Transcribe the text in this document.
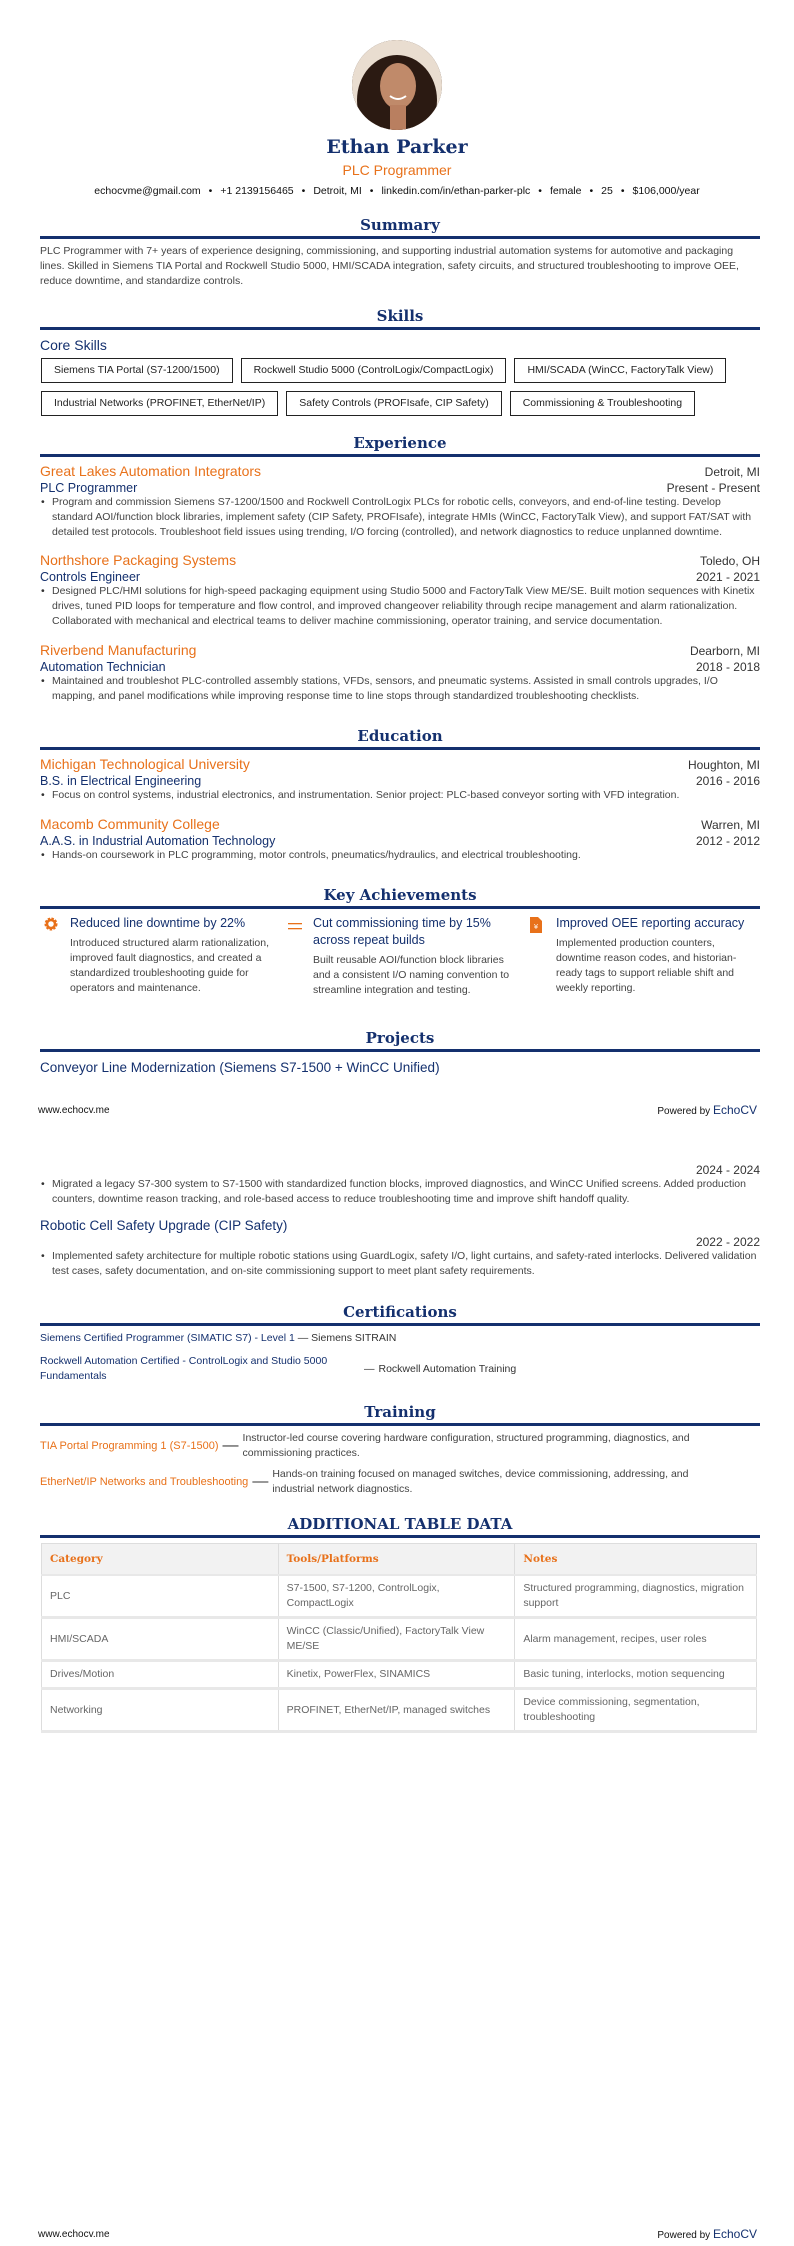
Ethan Parker
PLC Programmer
echocvme@gmail.com • +1 2139156465 • Detroit, MI • linkedin.com/in/ethan-parker-plc • female • 25 • $106,000/year
Summary
PLC Programmer with 7+ years of experience designing, commissioning, and supporting industrial automation systems for automotive and packaging lines. Skilled in Siemens TIA Portal and Rockwell Studio 5000, HMI/SCADA integration, safety circuits, and structured troubleshooting to improve OEE, reduce downtime, and standardize controls.
Skills
Core Skills
Siemens TIA Portal (S7-1200/1500)	Rockwell Studio 5000 (ControlLogix/CompactLogix)	HMI/SCADA (WinCC, FactoryTalk View)
Industrial Networks (PROFINET, EtherNet/IP)	Safety Controls (PROFIsafe, CIP Safety)	Commissioning & Troubleshooting
Experience
Great Lakes Automation Integrators	Detroit, MI
PLC Programmer	Present - Present
• Program and commission Siemens S7-1200/1500 and Rockwell ControlLogix PLCs for robotic cells, conveyors, and end-of-line testing. Develop standard AOI/function block libraries, implement safety (CIP Safety, PROFIsafe), integrate HMIs (WinCC, FactoryTalk View), and support FAT/SAT with detailed test protocols. Troubleshoot field issues using trending, I/O forcing (controlled), and network diagnostics to reduce unplanned downtime.
Northshore Packaging Systems	Toledo, OH
Controls Engineer	2021 - 2021
• Designed PLC/HMI solutions for high-speed packaging equipment using Studio 5000 and FactoryTalk View ME/SE. Built motion sequences with Kinetix drives, tuned PID loops for temperature and flow control, and improved changeover reliability through recipe management and alarm rationalization. Collaborated with mechanical and electrical teams to deliver machine commissioning, operator training, and service documentation.
Riverbend Manufacturing	Dearborn, MI
Automation Technician	2018 - 2018
• Maintained and troubleshot PLC-controlled assembly stations, VFDs, sensors, and pneumatic systems. Assisted in small controls upgrades, I/O mapping, and panel modifications while improving response time to line stops through standardized troubleshooting checklists.
Education
Michigan Technological University	Houghton, MI
B.S. in Electrical Engineering	2016 - 2016
• Focus on control systems, industrial electronics, and instrumentation. Senior project: PLC-based conveyor sorting with VFD integration.
Macomb Community College	Warren, MI
A.A.S. in Industrial Automation Technology	2012 - 2012
• Hands-on coursework in PLC programming, motor controls, pneumatics/hydraulics, and electrical troubleshooting.
Key Achievements
Reduced line downtime by 22%
Introduced structured alarm rationalization, improved fault diagnostics, and created a standardized troubleshooting guide for operators and maintenance.
Cut commissioning time by 15% across repeat builds
Built reusable AOI/function block libraries and a consistent I/O naming convention to streamline integration and testing.
¥ Improved OEE reporting accuracy
Implemented production counters, downtime reason codes, and historian-ready tags to support reliable shift and weekly reporting.
Projects
Conveyor Line Modernization (Siemens S7-1500 + WinCC Unified)
www.echocv.me	Powered by EchoCV
2024 - 2024
• Migrated a legacy S7-300 system to S7-1500 with standardized function blocks, improved diagnostics, and WinCC Unified screens. Added production counters, downtime reason tracking, and role-based access to reduce troubleshooting time and improve shift handoff quality.
Robotic Cell Safety Upgrade (CIP Safety)
2022 - 2022
• Implemented safety architecture for multiple robotic stations using GuardLogix, safety I/O, light curtains, and safety-rated interlocks. Delivered validation test cases, safety documentation, and on-site commissioning support to meet plant safety requirements.
Certifications
Siemens Certified Programmer (SIMATIC S7) - Level 1 — Siemens SITRAIN
Rockwell Automation Certified - ControlLogix and Studio 5000 Fundamentals
— Rockwell Automation Training
Training
TIA Portal Programming 1 (S7-1500) — Instructor-led course covering hardware configuration, structured programming, diagnostics, and commissioning practices.
EtherNet/IP Networks and Troubleshooting — Hands-on training focused on managed switches, device commissioning, addressing, and industrial network diagnostics.
ADDITIONAL TABLE DATA
Category	Tools/Platforms	Notes
PLC	S7-1500, S7-1200, ControlLogix, CompactLogix	Structured programming, diagnostics, migration support
HMI/SCADA	WinCC (Classic/Unified), FactoryTalk View ME/SE	Alarm management, recipes, user roles
Drives/Motion	Kinetix, PowerFlex, SINAMICS	Basic tuning, interlocks, motion sequencing
Networking	PROFINET, EtherNet/IP, managed switches	Device commissioning, segmentation, troubleshooting
www.echocv.me	Powered by EchoCV
